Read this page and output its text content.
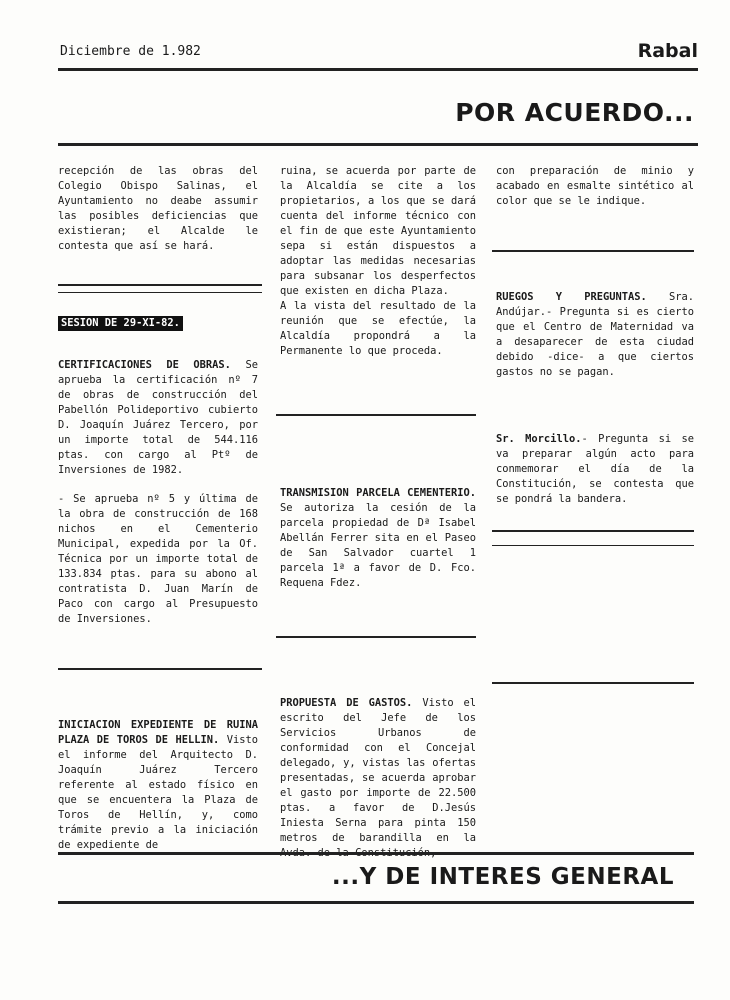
Diciembre de 1.982	Rabal
POR ACUERDO...

recepción de las obras del Colegio Obispo Salinas, el Ayuntamiento no deabe assumir las posibles deficiencias que existieran; el Alcalde le contesta que así se hará.

SESION DE 29-XI-82.

CERTIFICACIONES DE OBRAS. Se aprueba la certificación nº 7 de obras de construcción del Pabellón Polideportivo cubierto D. Joaquín Juárez Tercero, por un importe total de 544.116 ptas. con cargo al Ptº de Inversiones de 1982.

- Se aprueba nº 5 y última de la obra de construcción de 168 nichos en el Cementerio Municipal, expedida por la Of. Técnica por un importe total de 133.834 ptas. para su abono al contratista D. Juan Marín de Paco con cargo al Presupuesto de Inversiones.

INICIACION EXPEDIENTE DE RUINA PLAZA DE TOROS DE HELLIN. Visto el informe del Arquitecto D. Joaquín Juárez Tercero referente al estado físico en que se encuentera la Plaza de Toros de Hellín, y, como trámite previo a la iniciación de expediente de

ruina, se acuerda por parte de la Alcaldía se cite a los propietarios, a los que se dará cuenta del informe técnico con el fin de que este Ayuntamiento sepa si están dispuestos a adoptar las medidas necesarias para subsanar los desperfectos que existen en dicha Plaza.

A la vista del resultado de la reunión que se efectúe, la Alcaldía propondrá a la Permanente lo que proceda.

TRANSMISION PARCELA CEMENTERIO. Se autoriza la cesión de la parcela propiedad de Dª Isabel Abellán Ferrer sita en el Paseo de San Salvador cuartel 1 parcela 1ª a favor de D. Fco. Requena Fdez.

PROPUESTA DE GASTOS. Visto el escrito del Jefe de los Servicios Urbanos de conformidad con el Concejal delegado, y, vistas las ofertas presentadas, se acuerda aprobar el gasto por importe de 22.500 ptas. a favor de D.Jesús Iniesta Serna para pinta 150 metros de barandilla en la

con preparación de minio y acabado en esmalte sintético al color que se le indique.

RUEGOS Y PREGUNTAS. Sra. Andújar.- Pregunta si es cierto que el Centro de Maternidad va a desaparecer de esta ciudad debido -dice- a que ciertos gastos no se pagan.

Sr. Morcillo.- Pregunta si se va preparar algún acto para conmemorar el día de la Constitución, se contesta que se pondrá la bandera.

...Y DE INTERES GENERAL
